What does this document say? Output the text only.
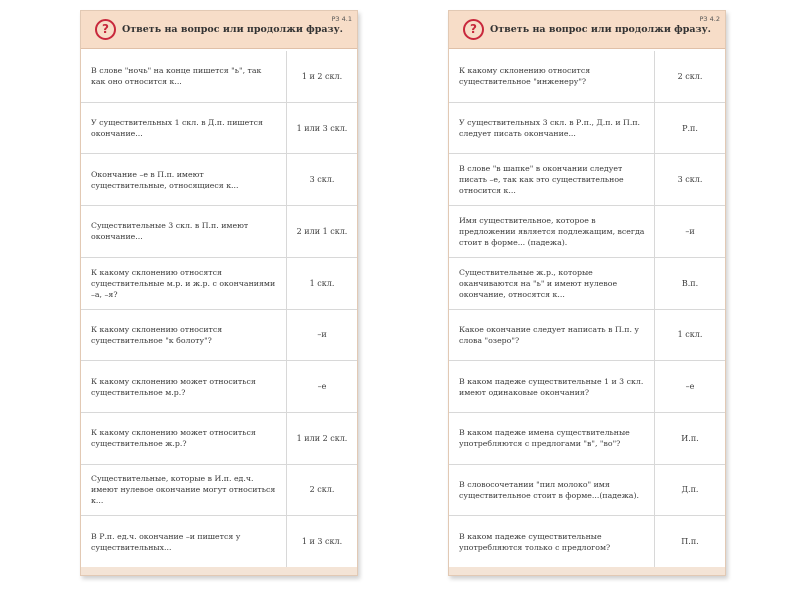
?	Ответь на вопрос или продолжи фразу.
РЗ 4.1
В слове "ночь" на конце пишется "ь", так как оно относится к...
1 и 2 скл.
У существительных 1 скл. в Д.п. пишется окончание...
1 или 3 скл.
Окончание –е в П.п. имеют существительные, относящиеся к...
3 скл.
Существительные 3 скл. в П.п. имеют окончание...
2 или 1 скл.
К какому склонению относятся существительные м.р. и ж.р. с окончаниями –а, –я?
1 скл.
К какому склонению относится существительное "к болоту"?
–и
К какому склонению может относиться существительное м.р.?
–е
К какому склонению может относиться существительное ж.р.?
1 или 2 скл.
Существительные, которые в И.п. ед.ч. имеют нулевое окончание могут относиться к...
2 скл.
В Р.п. ед.ч. окончание –и пишется у существительных...
1 и 3 скл.
?	Ответь на вопрос или продолжи фразу.
РЗ 4.2
К какому склонению относится существительное "инженеру"?
2 скл.
У существительных 3 скл. в Р.п., Д.п. и П.п. следует писать окончание...
Р.п.
В слове "в шапке" в окончании следует писать –е, так как это существительное относится к...
3 скл.
Имя существительное, которое в предложении является подлежащим, всегда стоит в форме... (падежа).
–и
Существительные ж.р., которые оканчиваются на "ь" и имеют нулевое окончание, относятся к...
В.п.
Какое окончание следует написать в П.п. у слова "озеро"?
1 скл.
В каком падеже существительные 1 и 3 скл. имеют одинаковые окончания?
–е
В каком падеже имена существительные употребляются с предлогами "в", "во"?
И.п.
В словосочетании "пил молоко" имя существительное стоит в форме...(падежа).
Д.п.
В каком падеже существительные употребляются только с предлогом?
П.п.
